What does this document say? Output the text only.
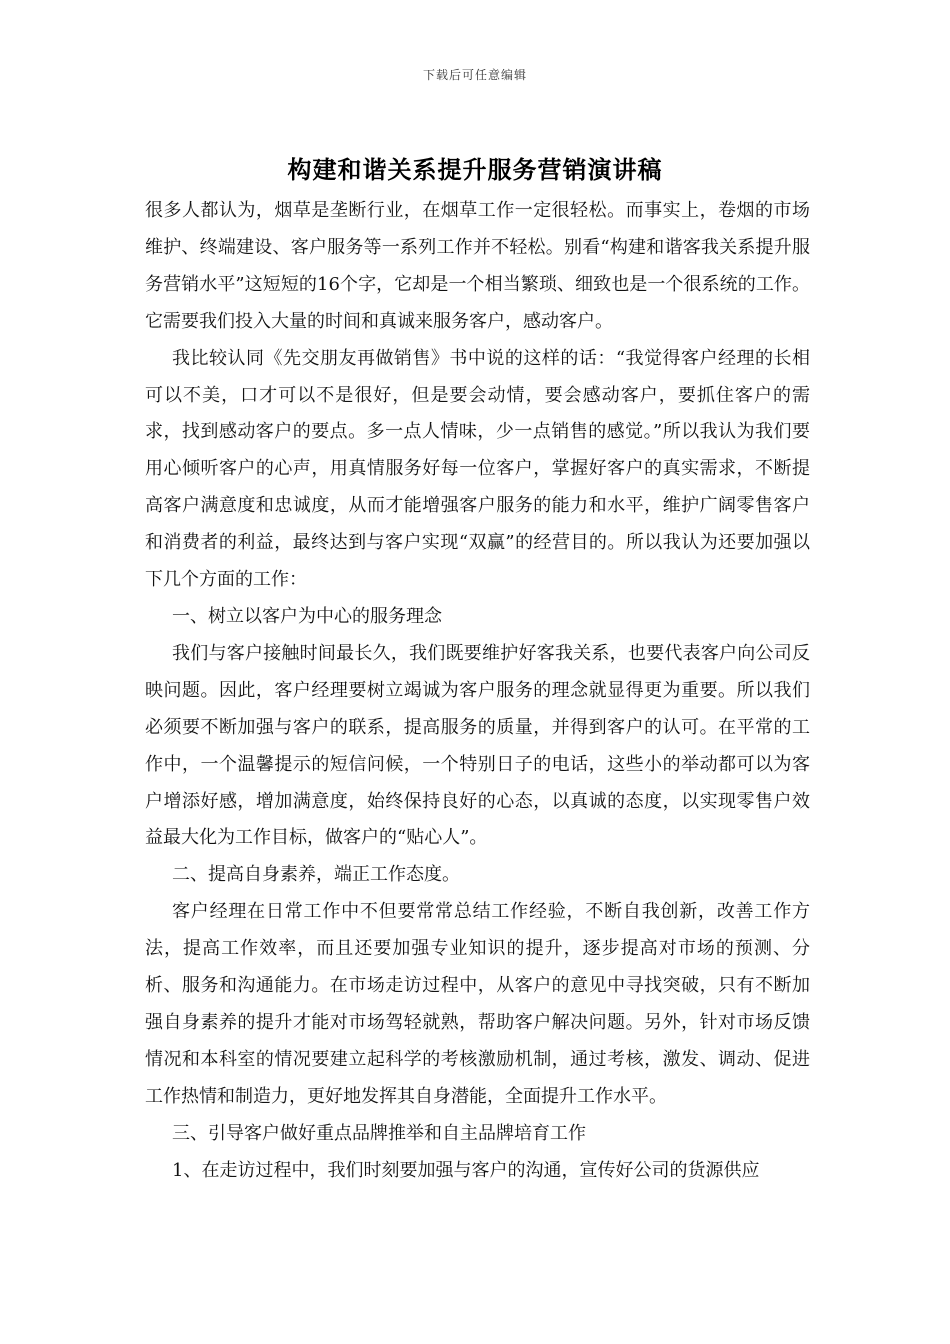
下载后可任意编辑
构建和谐关系提升服务营销演讲稿

很多人都认为，烟草是垄断行业，在烟草工作一定很轻松。而事实上，卷烟的市场维护、终端建设、客户服务等一系列工作并不轻松。别看“构建和谐客我关系提升服务营销水平”这短短的16个字，它却是一个相当繁琐、细致也是一个很系统的工作。它需要我们投入大量的时间和真诚来服务客户，感动客户。

我比较认同《先交朋友再做销售》书中说的这样的话：“我觉得客户经理的长相可以不美，口才可以不是很好，但是要会动情，要会感动客户，要抓住客户的需求，找到感动客户的要点。多一点人情味，少一点销售的感觉。”所以我认为我们要用心倾听客户的心声，用真情服务好每一位客户，掌握好客户的真实需求，不断提高客户满意度和忠诚度，从而才能增强客户服务的能力和水平，维护广阔零售客户和消费者的利益，最终达到与客户实现“双赢”的经营目的。所以我认为还要加强以下几个方面的工作：

一、树立以客户为中心的服务理念

我们与客户接触时间最长久，我们既要维护好客我关系，也要代表客户向公司反映问题。因此，客户经理要树立竭诚为客户服务的理念就显得更为重要。所以我们必须要不断加强与客户的联系，提高服务的质量，并得到客户的认可。在平常的工作中，一个温馨提示的短信问候，一个特别日子的电话，这些小的举动都可以为客户增添好感，增加满意度，始终保持良好的心态，以真诚的态度，以实现零售户效益最大化为工作目标，做客户的“贴心人”。

二、提高自身素养，端正工作态度。

客户经理在日常工作中不但要常常总结工作经验，不断自我创新，改善工作方法，提高工作效率，而且还要加强专业知识的提升，逐步提高对市场的预测、分析、服务和沟通能力。在市场走访过程中，从客户的意见中寻找突破，只有不断加强自身素养的提升才能对市场驾轻就熟，帮助客户解决问题。另外，针对市场反馈情况和本科室的情况要建立起科学的考核激励机制，通过考核，激发、调动、促进工作热情和制造力，更好地发挥其自身潜能，全面提升工作水平。

三、引导客户做好重点品牌推举和自主品牌培育工作

1、在走访过程中，我们时刻要加强与客户的沟通，宣传好公司的货源供应
